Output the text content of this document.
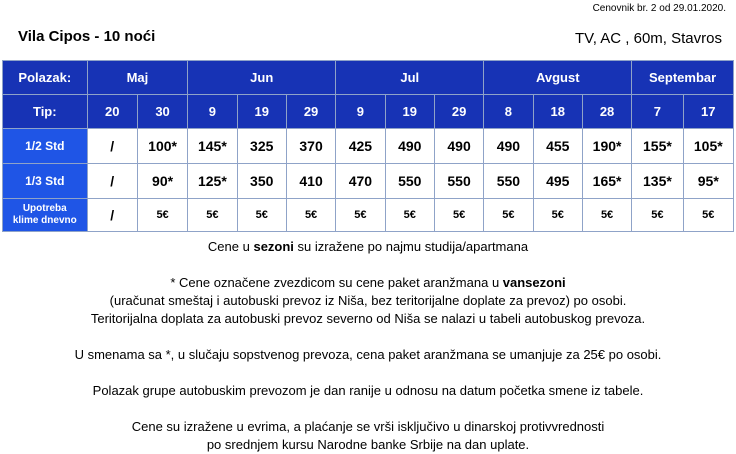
Cenovnik br. 2 od 29.01.2020.
Vila Cipos - 10 noći	TV, AC , 60m, Stavros
Polazak:	Maj		Jun			Jul			Avgust			Septembar	
Tip:	20	30	9	19	29	9	19	29	8	18	28	7	17
1/2 Std	/	100*	145*	325	370	425	490	490	490	455	190*	155*	105*
1/3 Std	/	90*	125*	350	410	470	550	550	550	495	165*	135*	95*
Upotreba
klime dnevno	/	5€	5€	5€	5€	5€	5€	5€	5€	5€	5€	5€	5€

Cene u sezoni su izražene po najmu studija/apartmana

* Cene označene zvezdicom su cene paket aranžmana u vansezoni

(uračunat smeštaj i autobuski prevoz iz Niša, bez teritorijalne doplate za prevoz) po osobi.

Teritorijalna doplata za autobuski prevoz severno od Niša se nalazi u tabeli autobuskog prevoza.

U smenama sa *, u slučaju sopstvenog prevoza, cena paket aranžmana se umanjuje za 25€ po osobi.

Polazak grupe autobuskim prevozom je dan ranije u odnosu na datum početka smene iz tabele.

Cene su izražene u evrima, a plaćanje se vrši isključivo u dinarskoj protivvrednosti

po srednjem kursu Narodne banke Srbije na dan uplate.
